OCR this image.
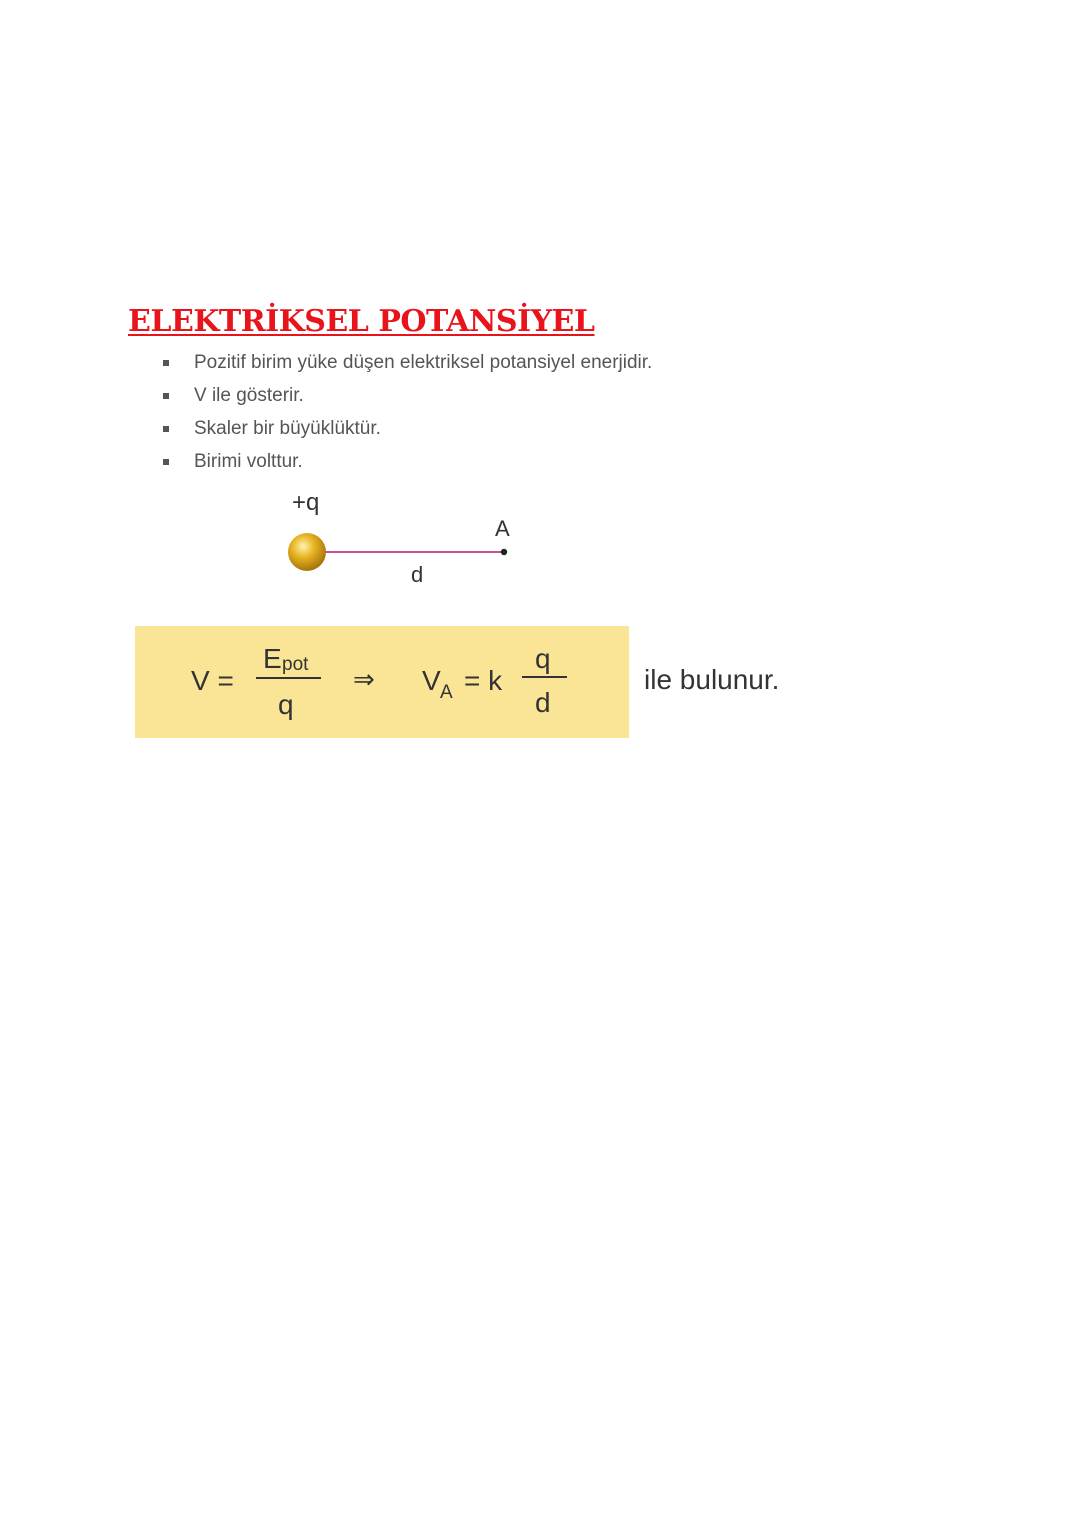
ELEKTRİKSEL POTANSİYEL
Pozitif birim yüke düşen elektriksel potansiyel enerjidir.
V ile gösterir.
Skaler bir büyüklüktür.
Birimi volttur.
+q
A
d
V =
E pot
q
⇒ V A = k
q
d
ile bulunur.
